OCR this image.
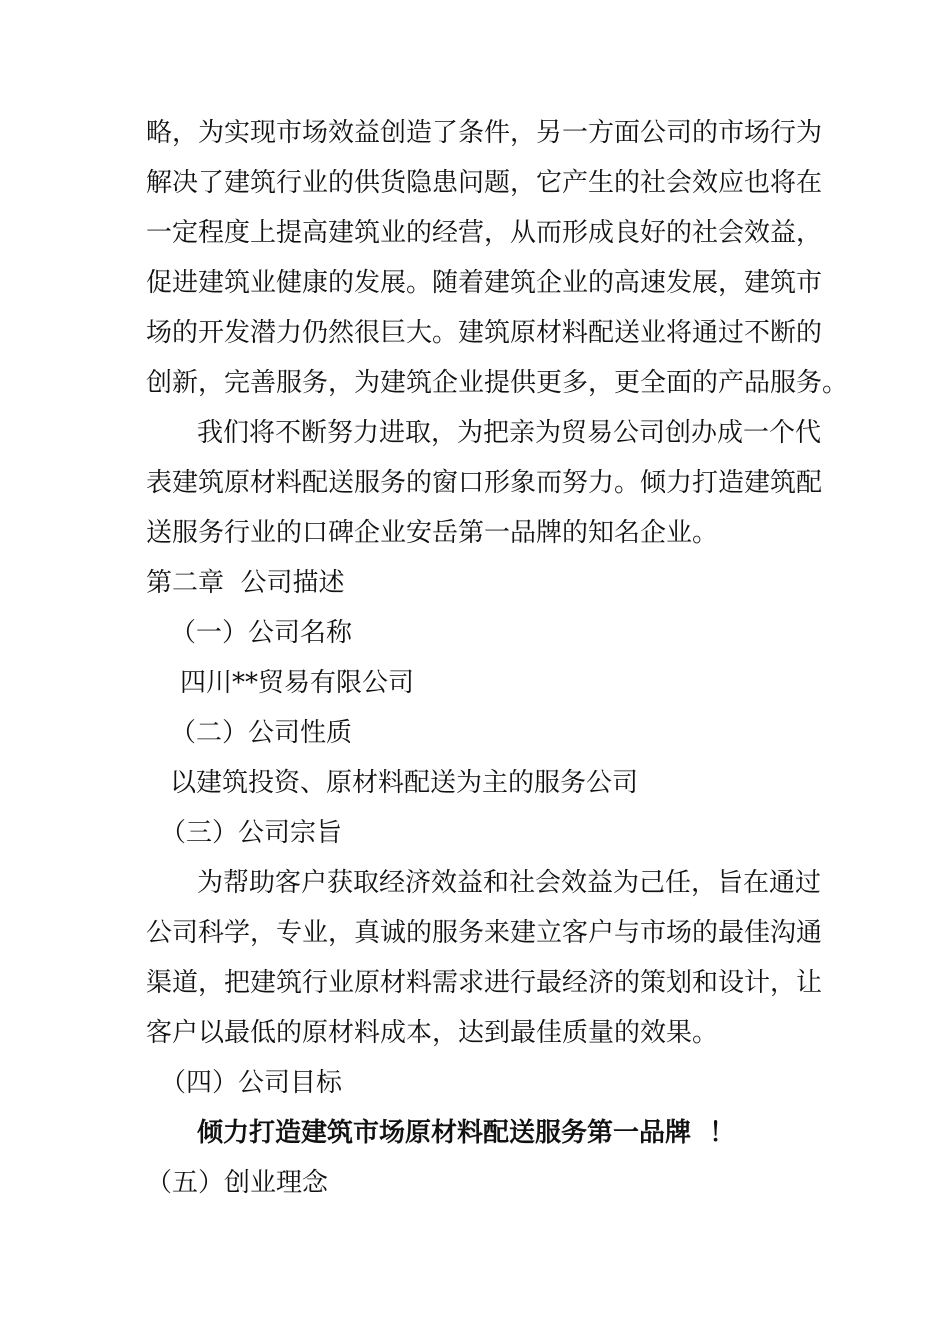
略，为实现市场效益创造了条件，另一方面公司的市场行为

解决了建筑行业的供货隐患问题，它产生的社会效应也将在

一定程度上提高建筑业的经营，从而形成良好的社会效益，

促进建筑业健康的发展。随着建筑企业的高速发展，建筑市

场的开发潜力仍然很巨大。建筑原材料配送业将通过不断的

创新，完善服务，为建筑企业提供更多，更全面的产品服务。

我们将不断努力进取，为把亲为贸易公司创办成一个代

表建筑原材料配送服务的窗口形象而努力。倾力打造建筑配

送服务行业的口碑企业安岳第一品牌的知名企业。

第二章  公司描述

（一）公司名称

四川**贸易有限公司

（二）公司性质

以建筑投资、原材料配送为主的服务公司

（三）公司宗旨

为帮助客户获取经济效益和社会效益为己任，旨在通过

公司科学，专业，真诚的服务来建立客户与市场的最佳沟通

渠道，把建筑行业原材料需求进行最经济的策划和设计，让

客户以最低的原材料成本，达到最佳质量的效果。

（四）公司目标

倾力打造建筑市场原材料配送服务第一品牌  ！

（五）创业理念
